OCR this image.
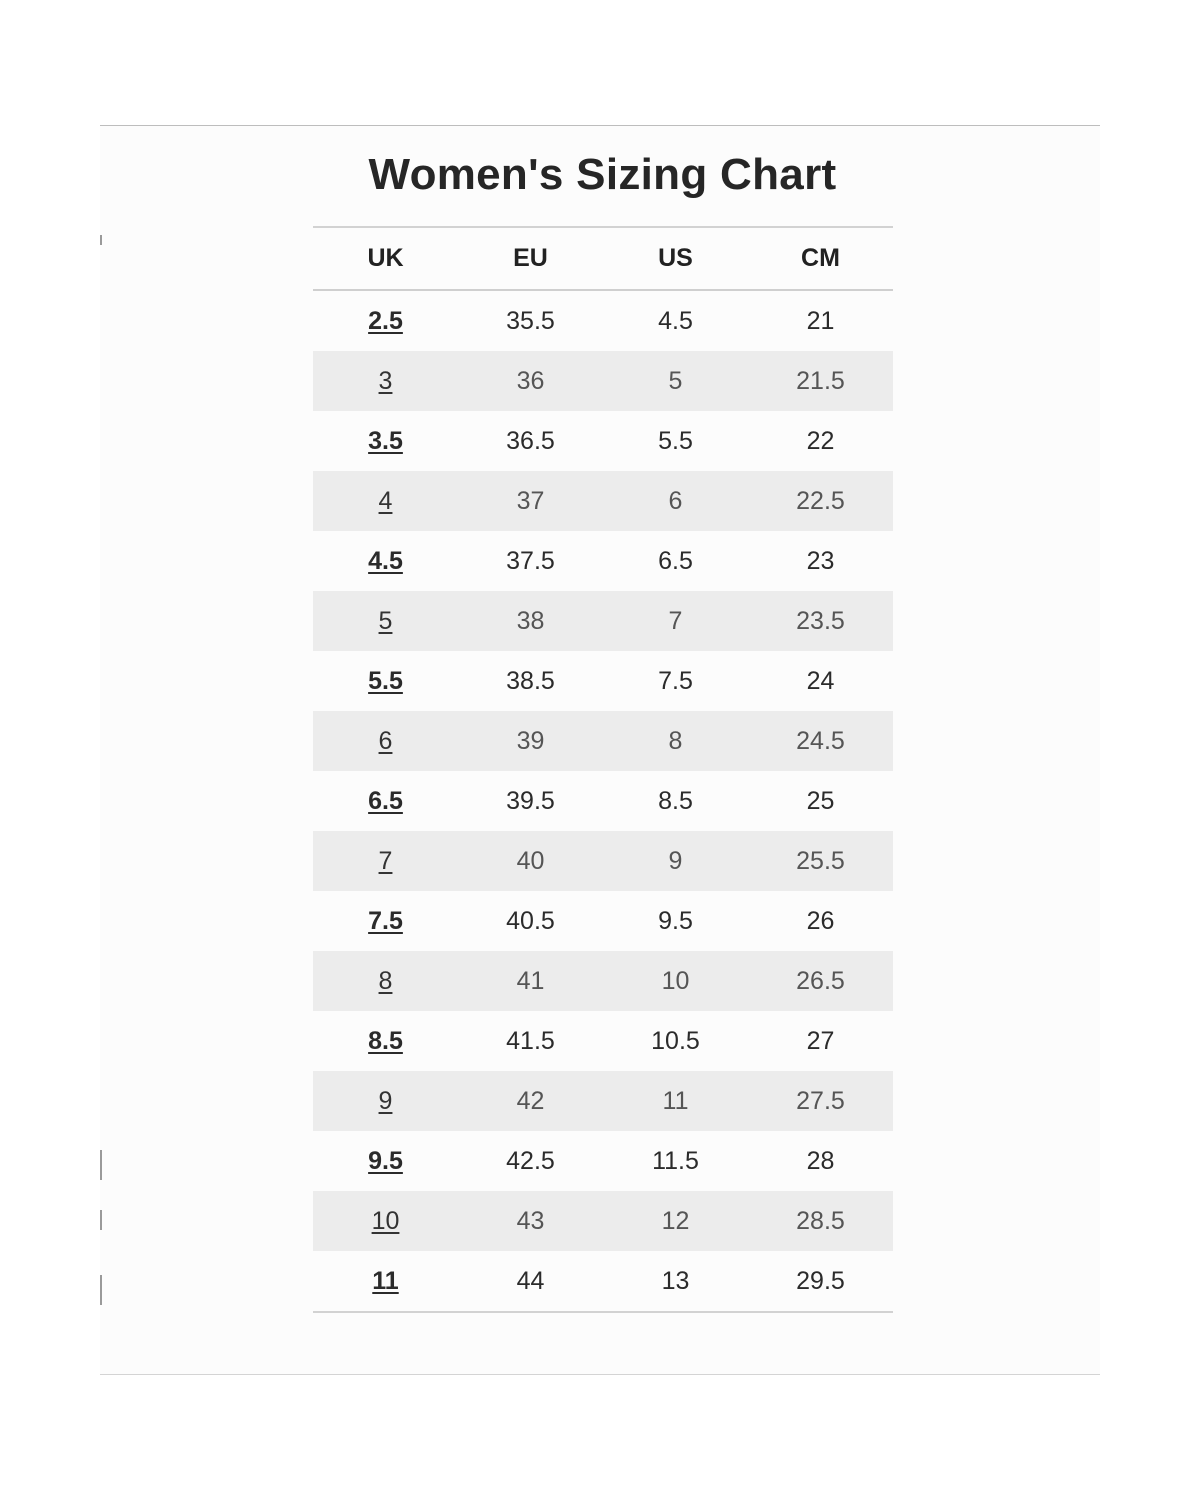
Women's Sizing Chart
UK	EU	US	CM
2.5	35.5	4.5	21
3	36	5	21.5
3.5	36.5	5.5	22
4	37	6	22.5
4.5	37.5	6.5	23
5	38	7	23.5
5.5	38.5	7.5	24
6	39	8	24.5
6.5	39.5	8.5	25
7	40	9	25.5
7.5	40.5	9.5	26
8	41	10	26.5
8.5	41.5	10.5	27
9	42	11	27.5
9.5	42.5	11.5	28
10	43	12	28.5
11	44	13	29.5
